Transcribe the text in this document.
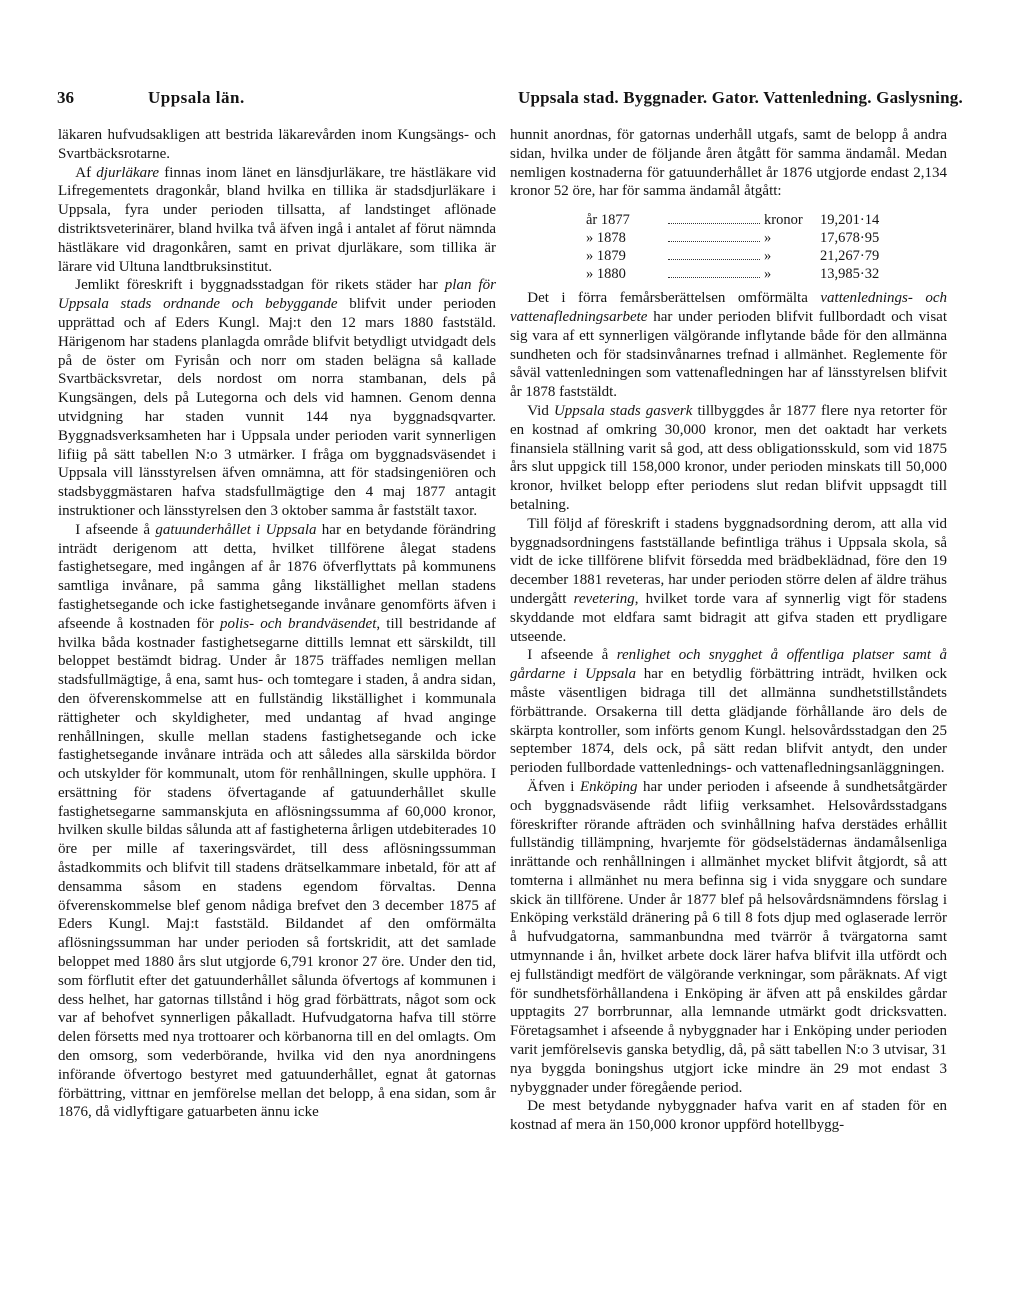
36	Uppsala län.	Uppsala stad. Byggnader. Gator. Vattenledning. Gaslysning.

läkaren hufvudsakligen att bestrida läkarevården inom Kungsängs- och Svartbäcksrotarne.

Af djurläkare finnas inom länet en länsdjurläkare, tre hästläkare vid Lifregementets dragonkår, bland hvilka en tillika är stadsdjurläkare i Uppsala, fyra under perioden tillsatta, af landstinget aflönade distriktsveterinärer, bland hvilka två äfven ingå i antalet af förut nämnda hästläkare vid dragonkåren, samt en privat djurläkare, som tillika är lärare vid Ultuna landtbruksinstitut.

Jemlikt föreskrift i byggnadsstadgan för rikets städer har plan för Uppsala stads ordnande och bebyggande blifvit under perioden upprättad och af Eders Kungl. Maj:t den 12 mars 1880 faststäld. Härigenom har stadens planlagda område blifvit betydligt utvidgadt dels på de öster om Fyrisån och norr om staden belägna så kallade Svartbäcksvretar, dels nordost om norra stambanan, dels på Kungsängen, dels på Lutegorna och dels vid hamnen. Genom denna utvidgning har staden vunnit 144 nya byggnadsqvarter. Byggnadsverksamheten har i Uppsala under perioden varit synnerligen lifiig på sätt tabellen N:o 3 utmärker. I fråga om byggnadsväsendet i Uppsala vill länsstyrelsen äfven omnämna, att för stadsingeniören och stadsbyggmästaren hafva stadsfullmägtige den 4 maj 1877 antagit instruktioner och länsstyrelsen den 3 oktober samma år faststält taxor.

I afseende å gatuunderhållet i Uppsala har en betydande förändring inträdt derigenom att detta, hvilket tillförene ålegat stadens fastighetsegare, med ingången af år 1876 öfverflyttats på kommunens samtliga invånare, på samma gång likställighet mellan stadens fastighetsegande och icke fastighetsegande invånare genomförts äfven i afseende å kostnaden för polis- och brandväsendet, till bestridande af hvilka båda kostnader fastighetsegarne dittills lemnat ett särskildt, till beloppet bestämdt bidrag. Under år 1875 träffades nemligen mellan stadsfullmägtige, å ena, samt hus- och tomtegare i staden, å andra sidan, den öfverenskommelse att en fullständig likställighet i kommunala rättigheter och skyldigheter, med undantag af hvad anginge renhållningen, skulle mellan stadens fastighetsegande och icke fastighetsegande invånare inträda och att således alla särskilda bördor och utskylder för kommunalt, utom för renhållningen, skulle upphöra. I ersättning för stadens öfvertagande af gatuunderhållet skulle fastighetsegarne sammanskjuta en aflösningssumma af 60,000 kronor, hvilken skulle bildas sålunda att af fastigheterna årligen utdebiterades 10 öre per mille af taxeringsvärdet, till dess aflösningssumman åstadkommits och blifvit till stadens drätselkammare inbetald, för att af densamma såsom en stadens egendom förvaltas. Denna öfverenskommelse blef genom nådiga brefvet den 3 december 1875 af Eders Kungl. Maj:t faststäld. Bildandet af den omförmälta aflösningssumman har under perioden så fortskridit, att det samlade beloppet med 1880 års slut utgjorde 6,791 kronor 27 öre. Under den tid, som förflutit efter det gatuunderhållet sålunda öfvertogs af kommunen i dess helhet, har gatornas tillstånd i hög grad förbättrats, något som ock var af behofvet synnerligen påkalladt. Hufvudgatorna hafva till större delen försetts med nya trottoarer och körbanorna till en del omlagts. Om den omsorg, som vederbörande, hvilka vid den nya anordningens införande öfvertogo bestyret med gatuunderhållet, egnat åt gatornas förbättring, vittnar en jemförelse mellan det belopp, å ena sidan, som år 1876, då vidlyftigare gatuarbeten ännu icke

hunnit anordnas, för gatornas underhåll utgafs, samt de belopp å andra sidan, hvilka under de följande åren åtgått för samma ändamål. Medan nemligen kostnaderna för gatuunderhållet år 1876 utgjorde endast 2,134 kronor 52 öre, har för samma ändamål åtgått:

år 1877	kronor	19,201·14
» 1878	»	17,678·95
» 1879	»	21,267·79
» 1880	»	13,985·32

Det i förra femårsberättelsen omförmälta vattenlednings- och vattenafledningsarbete har under perioden blifvit fullbordadt och visat sig vara af ett synnerligen välgörande inflytande både för den allmänna sundheten och för stadsinvånarnes trefnad i allmänhet. Reglemente för såväl vattenledningen som vattenafledningen har af länsstyrelsen blifvit år 1878 faststäldt.

Vid Uppsala stads gasverk tillbyggdes år 1877 flere nya retorter för en kostnad af omkring 30,000 kronor, men det oaktadt har verkets finansiela ställning varit så god, att dess obligationsskuld, som vid 1875 års slut uppgick till 158,000 kronor, under perioden minskats till 50,000 kronor, hvilket belopp efter periodens slut redan blifvit uppsagdt till betalning.

Till följd af föreskrift i stadens byggnadsordning derom, att alla vid byggnadsordningens fastställande befintliga trähus i Uppsala skola, så vidt de icke tillförene blifvit försedda med brädbeklädnad, före den 19 december 1881 reveteras, har under perioden större delen af äldre trähus undergått revetering, hvilket torde vara af synnerlig vigt för stadens skyddande mot eldfara samt bidragit att gifva staden ett prydligare utseende.

I afseende å renlighet och snygghet å offentliga platser samt å gårdarne i Uppsala har en betydlig förbättring inträdt, hvilken ock måste väsentligen bidraga till det allmänna sundhetstillståndets förbättrande. Orsakerna till detta glädjande förhållande äro dels de skärpta kontroller, som införts genom Kungl. helsovårdsstadgan den 25 september 1874, dels ock, på sätt redan blifvit antydt, den under perioden fullbordade vattenlednings- och vattenafledningsanläggningen.

Äfven i Enköping har under perioden i afseende å sundhetsåtgärder och byggnadsväsende rådt lifiig verksamhet. Helsovårdsstadgans föreskrifter rörande afträden och svinhållning hafva derstädes erhållit fullständig tillämpning, hvarjemte för gödselstädernas ändamålsenliga inrättande och renhållningen i allmänhet mycket blifvit åtgjordt, så att tomterna i allmänhet nu mera befinna sig i vida snyggare och sundare skick än tillförene. Under år 1877 blef på helsovårdsnämndens förslag i Enköping verkstäld dränering på 6 till 8 fots djup med oglaserade lerrör å hufvudgatorna, sammanbundna med tvärrör å tvärgatorna samt utmynnande i ån, hvilket arbete dock lärer hafva blifvit illa utfördt och ej fullständigt medfört de välgörande verkningar, som påräknats. Af vigt för sundhetsförhållandena i Enköping är äfven att på enskildes gårdar upptagits 27 borrbrunnar, alla lemnande utmärkt godt dricksvatten. Företagsamhet i afseende å nybyggnader har i Enköping under perioden varit jemförelsevis ganska betydlig, då, på sätt tabellen N:o 3 utvisar, 31 nya byggda boningshus utgjort icke mindre än 29 mot endast 3 nybyggnader under föregående period.

De mest betydande nybyggnader hafva varit en af staden för en kostnad af mera än 150,000 kronor uppförd hotellbygg-
